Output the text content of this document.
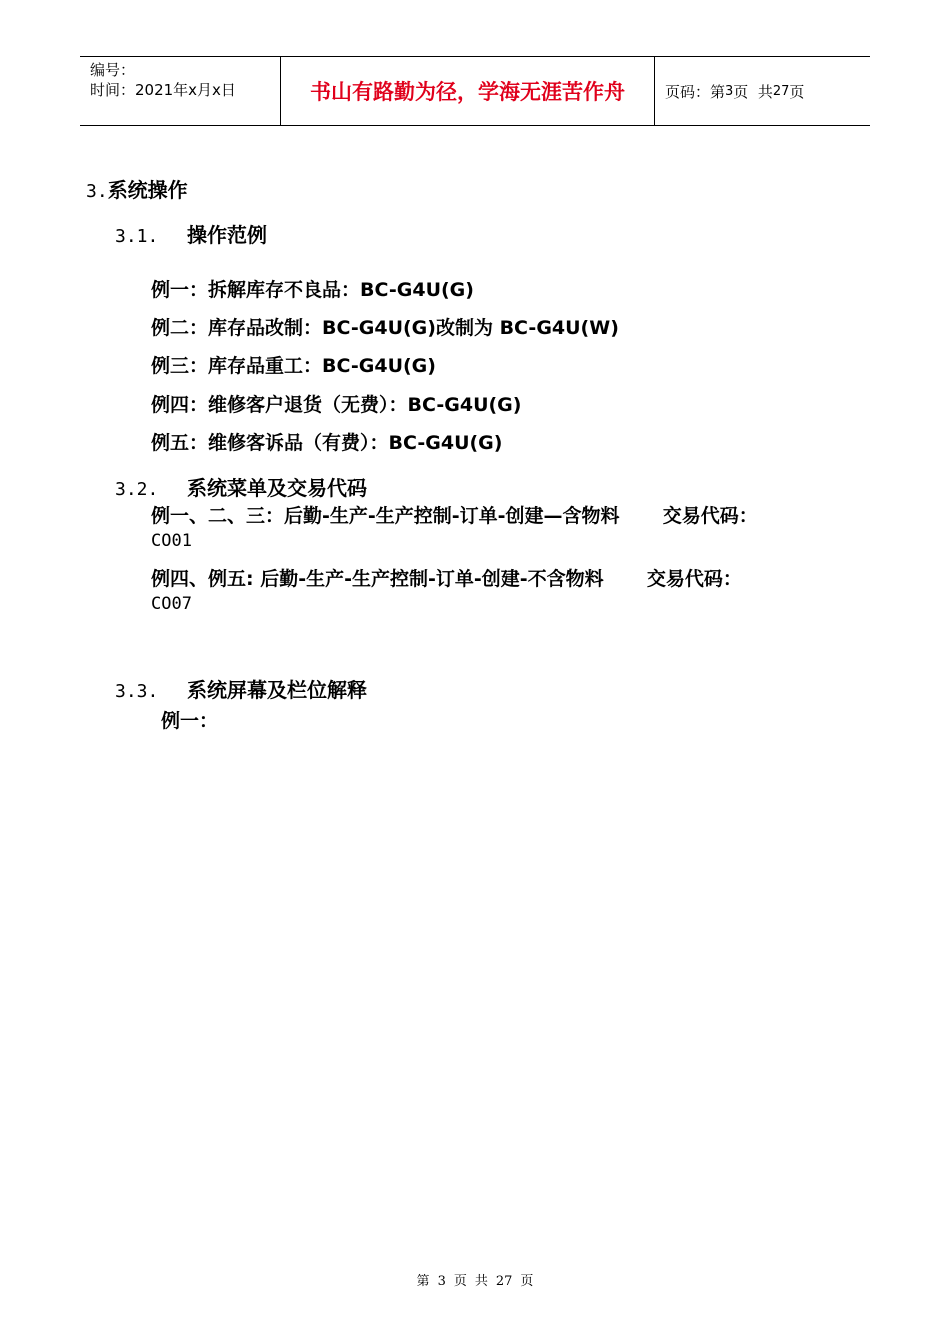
编号：
时间：2021年x月x日	书山有路勤为径，学海无涯苦作舟	页码：第 3 页  共 27 页
3.系统操作
3.1. 操作范例
例一：拆解库存不良品：BC-G4U(G)
例二：库存品改制：BC-G4U(G)改制为 BC-G4U(W)
例三：库存品重工：BC-G4U(G)
例四：维修客户退货（无费）：BC-G4U(G)
例五：维修客诉品（有费）：BC-G4U(G)
3.2. 系统菜单及交易代码
例一、二、三：后勤-生产-生产控制-订单-创建—含物料 交易代码：
CO01
例四、例五: 后勤-生产-生产控制-订单-创建-不含物料 交易代码：
CO07
3.3. 系统屏幕及栏位解释
例一：
第 3 页 共 27 页
